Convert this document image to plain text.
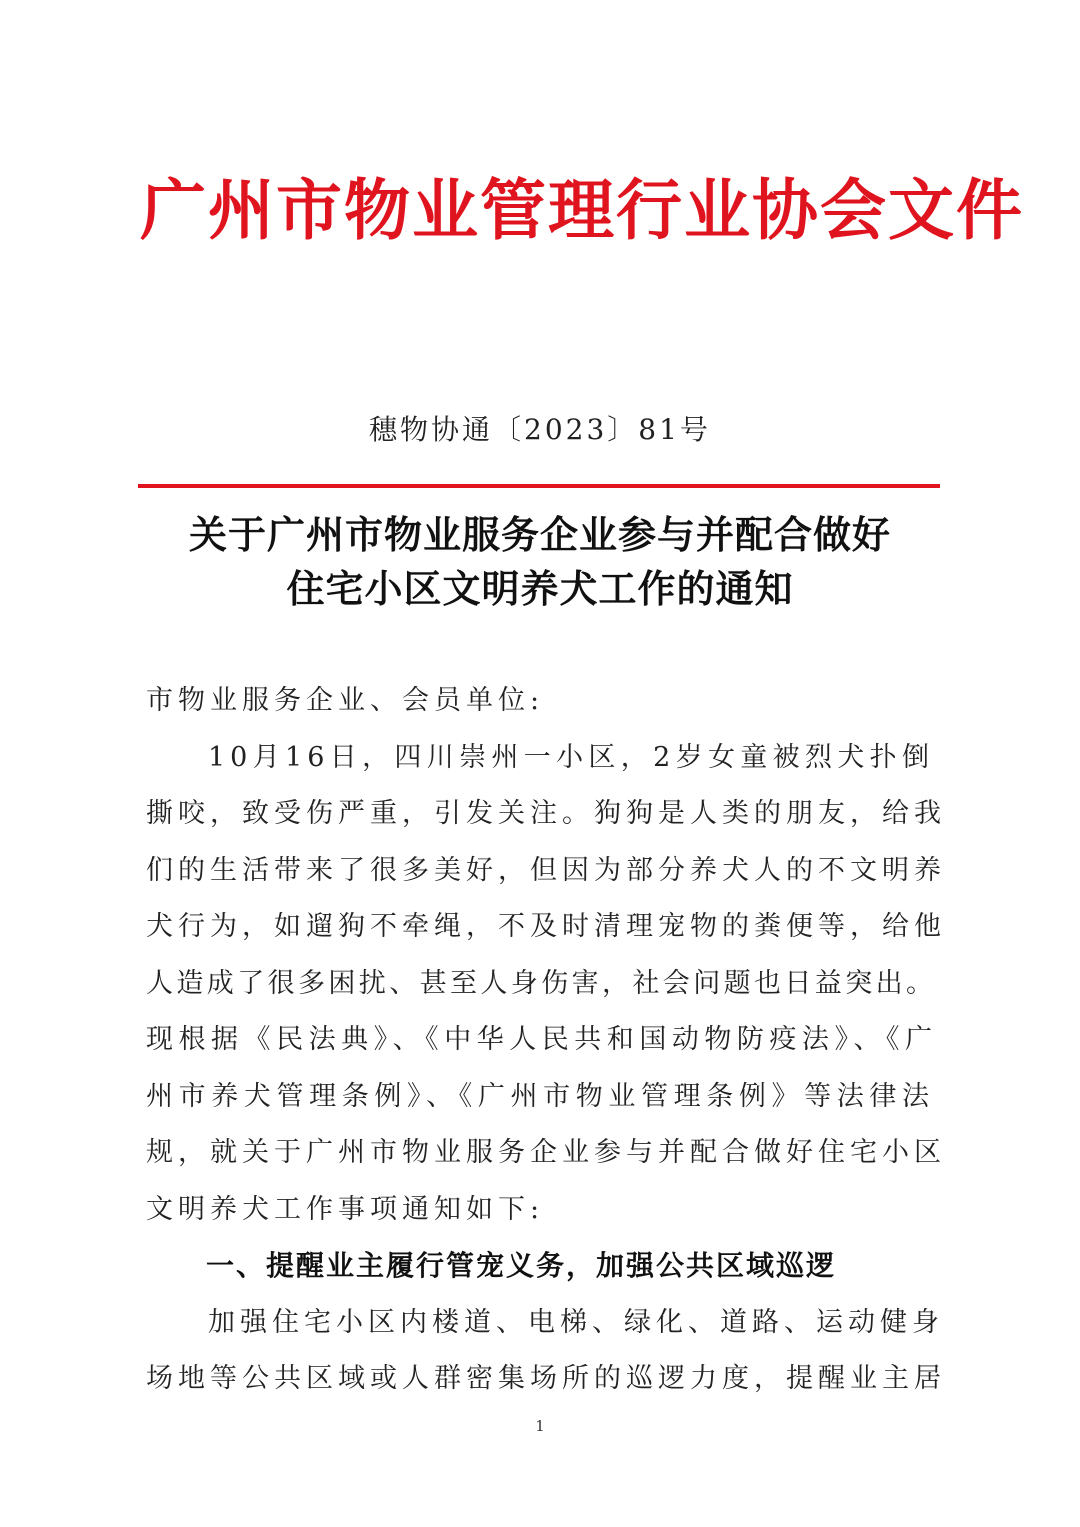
广州市物业管理行业协会文件
穗物协通〔2023〕81号
关于广州市物业服务企业参与并配合做好
住宅小区文明养犬工作的通知
市物业服务企业、会员单位:
10月16日，四川崇州一小区，2岁女童被烈犬扑倒
撕咬，致受伤严重，引发关注。狗狗是人类的朋友，给我
们的生活带来了很多美好，但因为部分养犬人的不文明养
犬行为，如遛狗不牵绳，不及时清理宠物的粪便等，给他
人造成了很多困扰、甚至人身伤害，社会问题也日益突出。
现根据《民法典》、《中华人民共和国动物防疫法》、《广
州市养犬管理条例》、《广州市物业管理条例》等法律法
规，就关于广州市物业服务企业参与并配合做好住宅小区
文明养犬工作事项通知如下:
一、提醒业主履行管宠义务，加强公共区域巡逻
加强住宅小区内楼道、电梯、绿化、道路、运动健身
场地等公共区域或人群密集场所的巡逻力度，提醒业主居
1
